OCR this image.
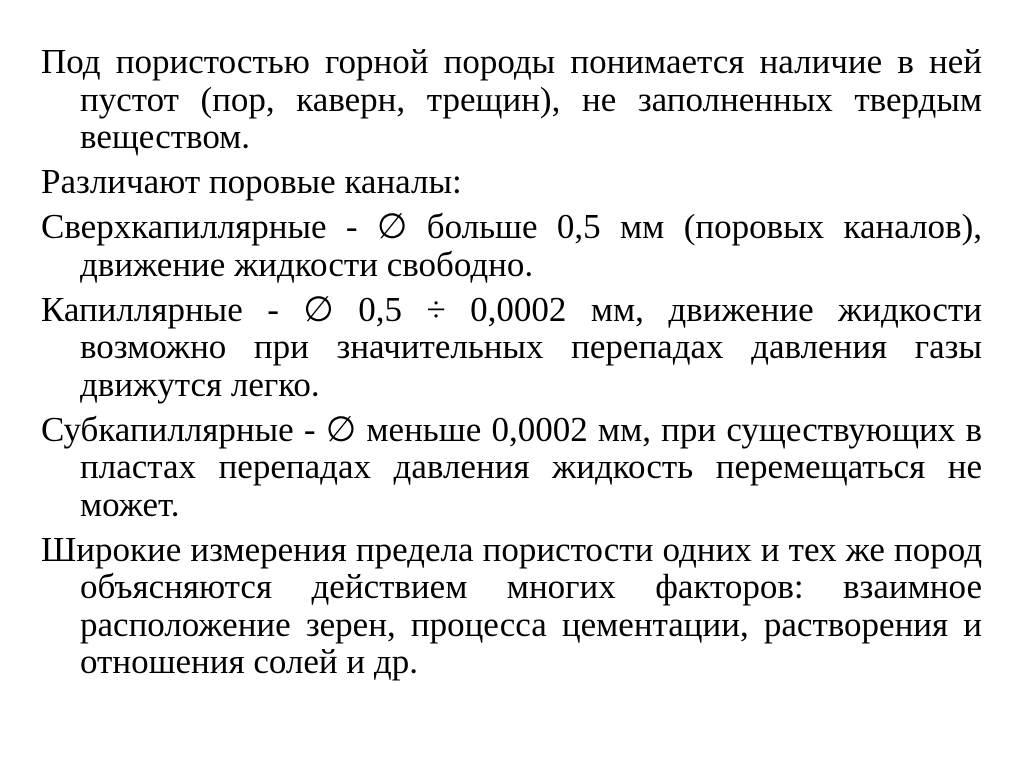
Под пористостью горной породы понимается наличие в ней пустот (пор, каверн, трещин), не заполненных твердым веществом.

Различают поровые каналы:

Сверхкапиллярные - ∅ больше 0,5 мм (поровых каналов), движение жидкости свободно.

Капиллярные - ∅ 0,5 ÷ 0,0002 мм, движение жидкости возможно при значительных перепадах давления газы движутся легко.

Субкапиллярные - ∅ меньше 0,0002 мм, при существующих в пластах перепадах давления жидкость перемещаться не может.

Широкие измерения предела пористости одних и тех же пород объясняются действием многих факторов: взаимное расположение зерен, процесса цементации, растворения и отношения солей и др.
